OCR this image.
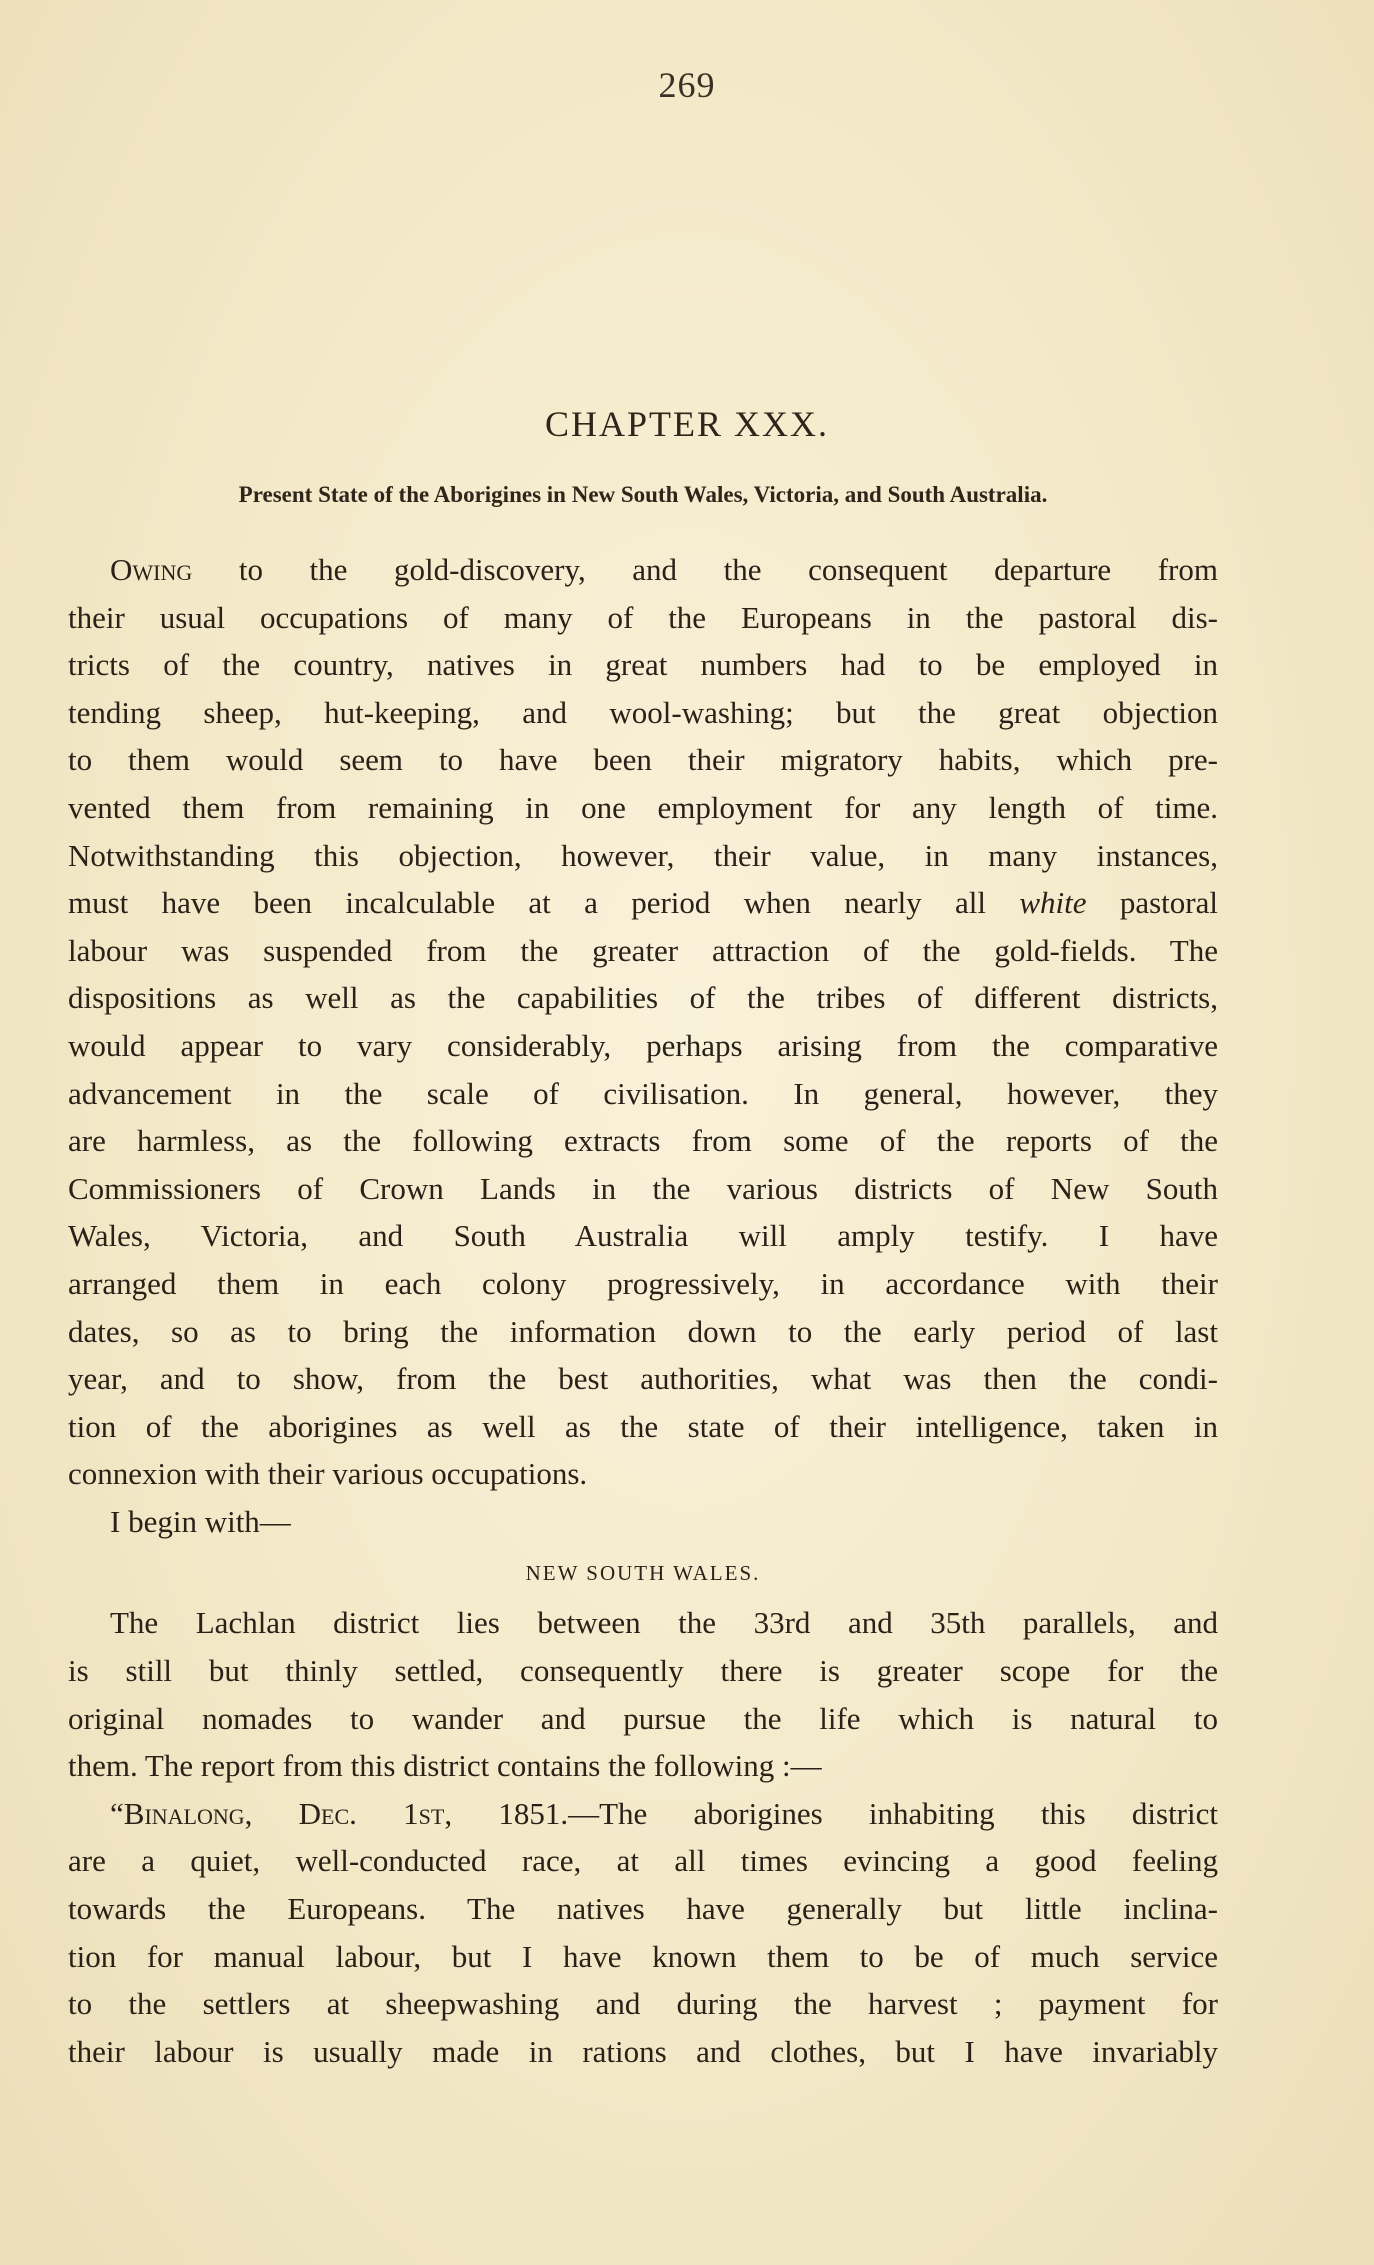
269
CHAPTER XXX.
Present State of the Aborigines in New South Wales, Victoria, and South Australia.
Owing to the gold-discovery, and the consequent departure from
their usual occupations of many of the Europeans in the pastoral dis-
tricts of the country, natives in great numbers had to be employed in
tending sheep, hut-keeping, and wool-washing; but the great objection
to them would seem to have been their migratory habits, which pre-
vented them from remaining in one employment for any length of time.
Notwithstanding this objection, however, their value, in many instances,
must have been incalculable at a period when nearly all white pastoral
labour was suspended from the greater attraction of the gold-fields. The
dispositions as well as the capabilities of the tribes of different districts,
would appear to vary considerably, perhaps arising from the comparative
advancement in the scale of civilisation. In general, however, they
are harmless, as the following extracts from some of the reports of the
Commissioners of Crown Lands in the various districts of New South
Wales, Victoria, and South Australia will amply testify. I have
arranged them in each colony progressively, in accordance with their
dates, so as to bring the information down to the early period of last
year, and to show, from the best authorities, what was then the condi-
tion of the aborigines as well as the state of their intelligence, taken in
connexion with their various occupations.
I begin with—
NEW SOUTH WALES.
The Lachlan district lies between the 33rd and 35th parallels, and
is still but thinly settled, consequently there is greater scope for the
original nomades to wander and pursue the life which is natural to
them. The report from this district contains the following :—
“Binalong, Dec. 1st, 1851.—The aborigines inhabiting this district
are a quiet, well-conducted race, at all times evincing a good feeling
towards the Europeans. The natives have generally but little inclina-
tion for manual labour, but I have known them to be of much service
to the settlers at sheepwashing and during the harvest ; payment for
their labour is usually made in rations and clothes, but I have invariably
